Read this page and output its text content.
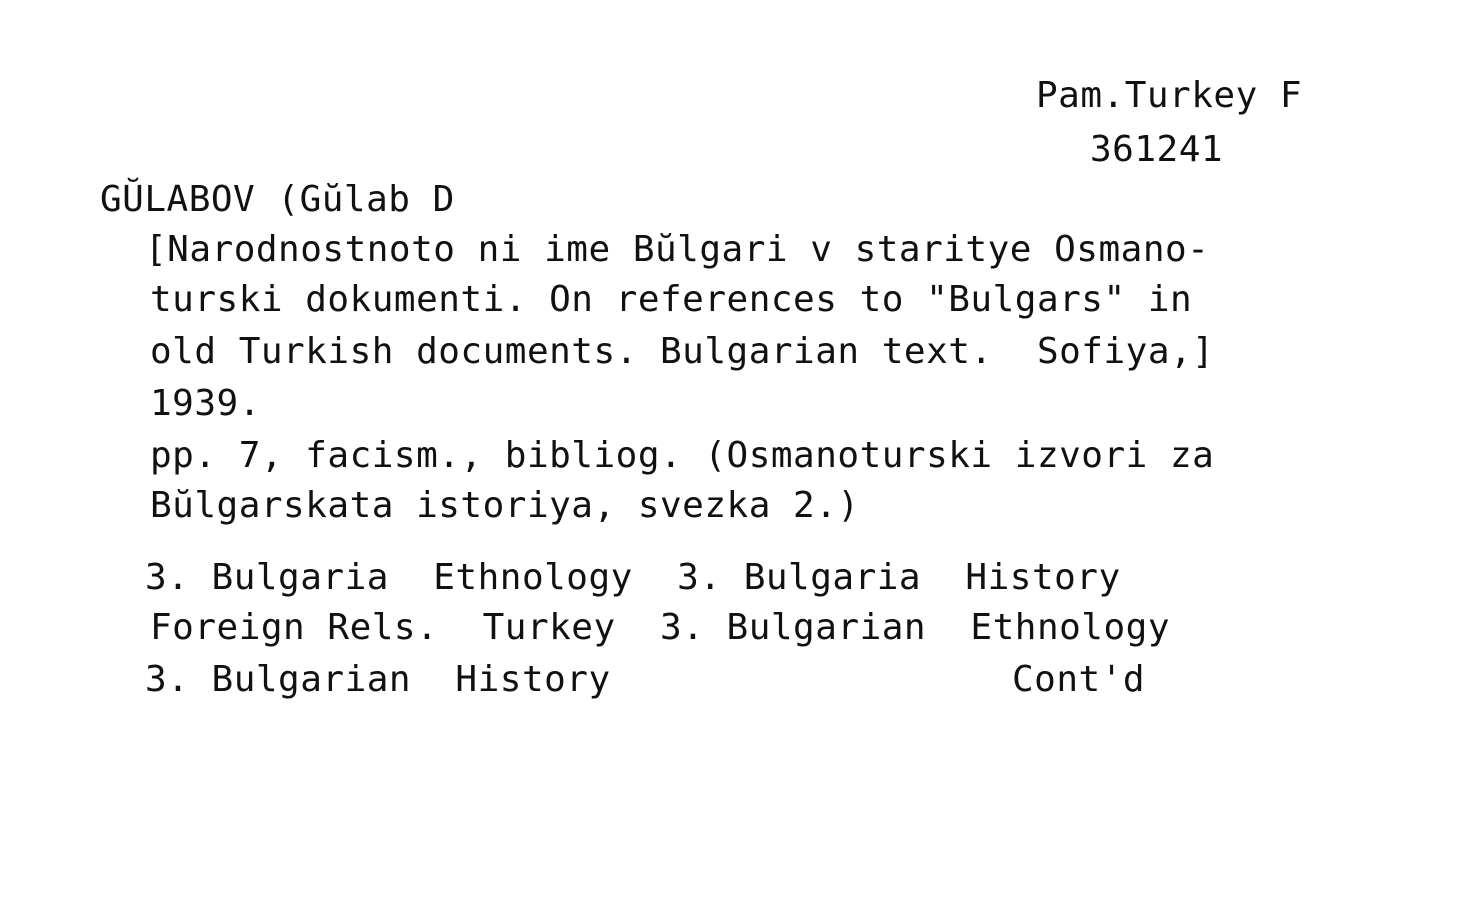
Pam.Turkey F
361241
GŬLABOV (Gŭlab D
[Narodnostnoto ni ime Bŭlgari v staritye Osmano-
turski dokumenti. On references to "Bulgars" in
old Turkish documents. Bulgarian text.  Sofiya,]
1939.
pp. 7, facism., bibliog. (Osmanoturski izvori za
Bŭlgarskata istoriya, svezka 2.)
3. Bulgaria  Ethnology  3. Bulgaria  History
Foreign Rels.  Turkey  3. Bulgarian  Ethnology
3. Bulgarian  History	Cont'd
